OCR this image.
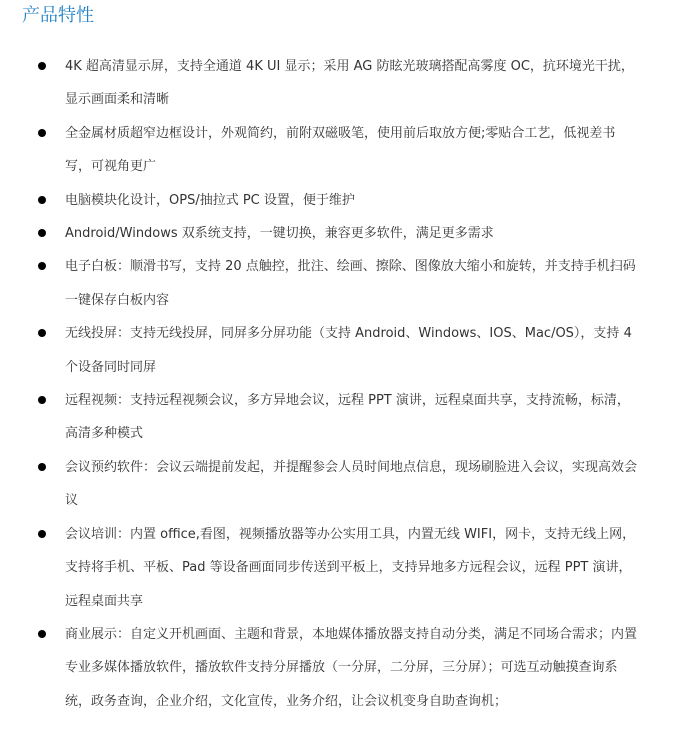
产品特性
4K 超高清显示屏，支持全通道 4K UI 显示；采用 AG 防眩光玻璃搭配高雾度 OC，抗环境光干扰，显示画面柔和清晰
全金属材质超窄边框设计，外观简约，前附双磁吸笔，使用前后取放方便;零贴合工艺，低视差书写，可视角更广
电脑模块化设计，OPS/抽拉式 PC 设置，便于维护
Android/Windows 双系统支持，一键切换，兼容更多软件，满足更多需求
电子白板：顺滑书写，支持 20 点触控，批注、绘画、擦除、图像放大缩小和旋转，并支持手机扫码一键保存白板内容
无线投屏：支持无线投屏，同屏多分屏功能（支持 Android、Windows、IOS、Mac/OS），支持 4 个设备同时同屏
远程视频：支持远程视频会议，多方异地会议，远程 PPT 演讲，远程桌面共享，支持流畅，标清，高清多种模式
会议预约软件：会议云端提前发起，并提醒参会人员时间地点信息，现场刷脸进入会议，实现高效会议
会议培训：内置 office,看图，视频播放器等办公实用工具，内置无线 WIFI，网卡，支持无线上网，支持将手机、平板、Pad 等设备画面同步传送到平板上，支持异地多方远程会议，远程 PPT 演讲， 远程桌面共享
商业展示：自定义开机画面、主题和背景，本地媒体播放器支持自动分类，满足不同场合需求；内置专业多媒体播放软件，播放软件支持分屏播放（一分屏，二分屏，三分屏）；可选互动触摸查询系统，政务查询，企业介绍，文化宣传，业务介绍，让会议机变身自助查询机；
